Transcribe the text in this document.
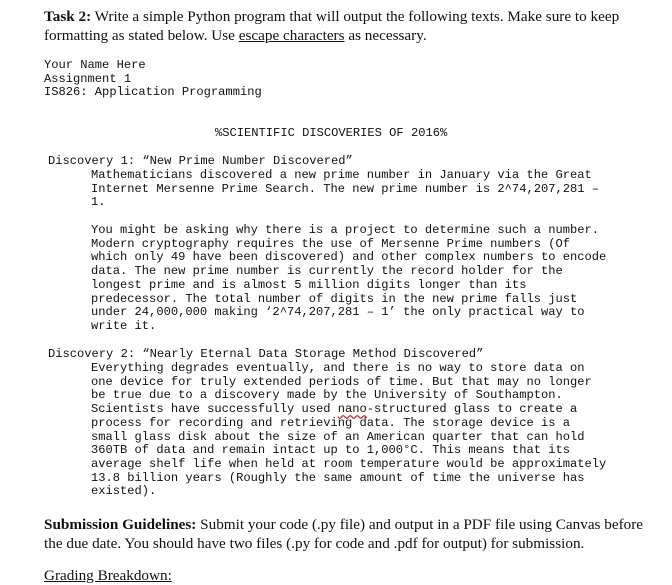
Task 2: Write a simple Python program that will output the following texts. Make sure to keep formatting as stated below. Use escape characters as necessary.
Your Name Here
Assignment 1
IS826: Application Programming
%SCIENTIFIC DISCOVERIES OF 2016%
Discovery 1: “New Prime Number Discovered”
Mathematicians discovered a new prime number in January via the Great
Internet Mersenne Prime Search. The new prime number is 2^74,207,281 –
1.
You might be asking why there is a project to determine such a number.
Modern cryptography requires the use of Mersenne Prime numbers (Of
which only 49 have been discovered) and other complex numbers to encode
data. The new prime number is currently the record holder for the
longest prime and is almost 5 million digits longer than its
predecessor. The total number of digits in the new prime falls just
under 24,000,000 making ‘2^74,207,281 – 1’ the only practical way to
write it.
Discovery 2: “Nearly Eternal Data Storage Method Discovered”
Everything degrades eventually, and there is no way to store data on
one device for truly extended periods of time. But that may no longer
be true due to a discovery made by the University of Southampton.
Scientists have successfully used nano-structured glass to create a
process for recording and retrieving data. The storage device is a
small glass disk about the size of an American quarter that can hold
360TB of data and remain intact up to 1,000°C. This means that its
average shelf life when held at room temperature would be approximately
13.8 billion years (Roughly the same amount of time the universe has
existed).
Submission Guidelines: Submit your code (.py file) and output in a PDF file using Canvas before the due date. You should have two files (.py for code and .pdf for output) for submission.
Grading Breakdown:
